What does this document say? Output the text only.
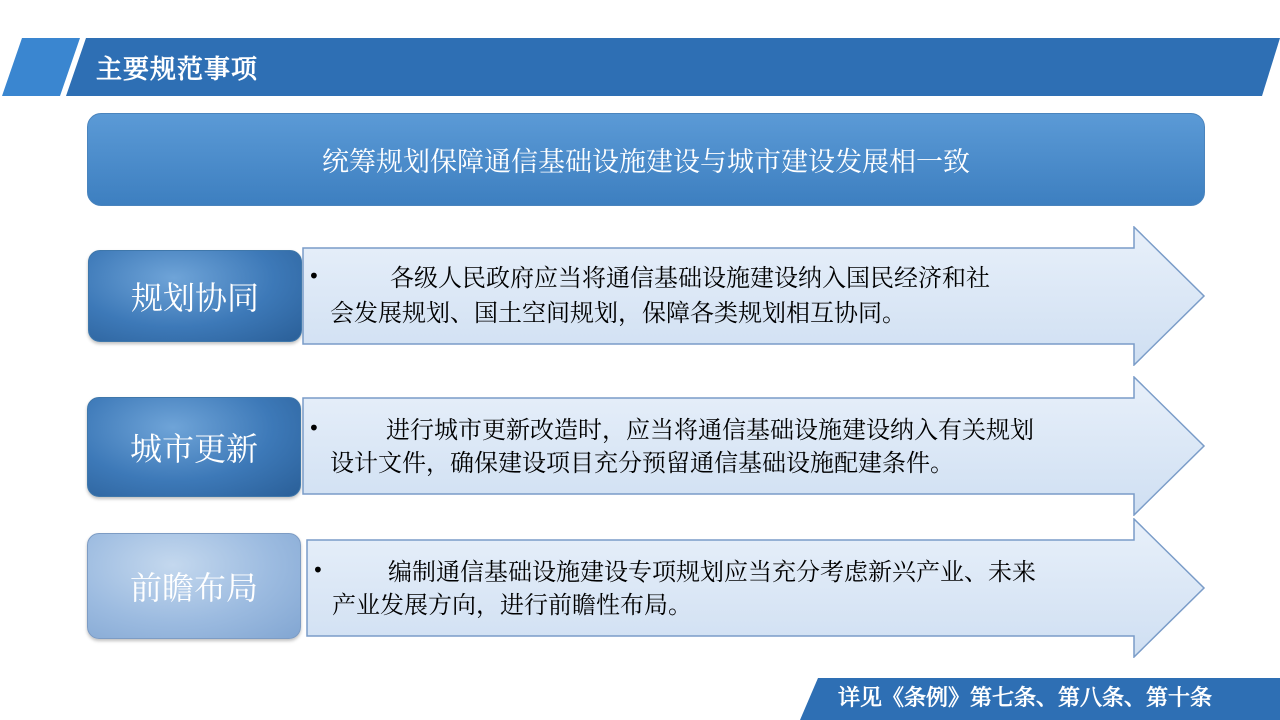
主要规范事项
统筹规划保障通信基础设施建设与城市建设发展相一致
规划协同
•	各级人民政府应当将通信基础设施建设纳入国民经济和社
会发展规划、国土空间规划，保障各类规划相互协同。
城市更新
•	进行城市更新改造时，应当将通信基础设施建设纳入有关规划
设计文件，确保建设项目充分预留通信基础设施配建条件。
前瞻布局	•	编制通信基础设施建设专项规划应当充分考虑新兴产业、未来
产业发展方向，进行前瞻性布局。
详见《条例》第七条、第八条、第十条
